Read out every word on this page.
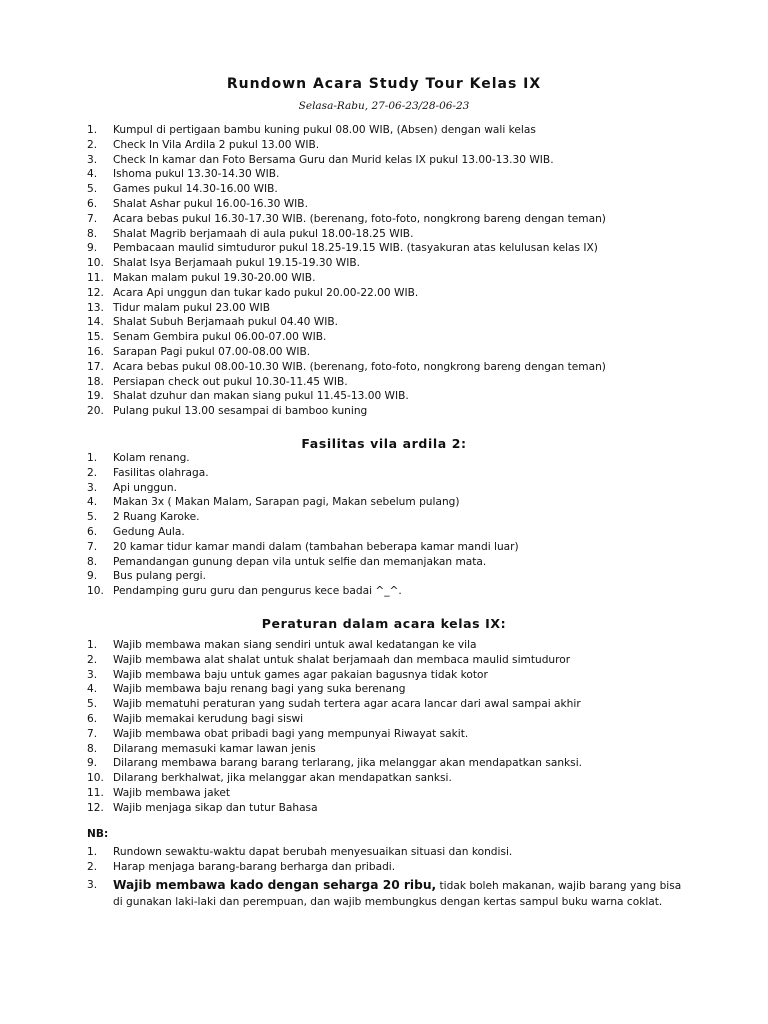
Rundown Acara Study Tour Kelas IX
Selasa-Rabu, 27-06-23/28-06-23
1. Kumpul di pertigaan bambu kuning pukul 08.00 WIB, (Absen) dengan wali kelas
2. Check In Vila Ardila 2 pukul 13.00 WIB.
3. Check In kamar dan Foto Bersama Guru dan Murid kelas IX pukul 13.00-13.30 WIB.
4. Ishoma pukul 13.30-14.30 WIB.
5. Games pukul 14.30-16.00 WIB.
6. Shalat Ashar pukul 16.00-16.30 WIB.
7. Acara bebas pukul 16.30-17.30 WIB. (berenang, foto-foto, nongkrong bareng dengan teman)
8. Shalat Magrib berjamaah di aula pukul 18.00-18.25 WIB.
9. Pembacaan maulid simtuduror pukul 18.25-19.15 WIB. (tasyakuran atas kelulusan kelas IX)
10. Shalat Isya Berjamaah pukul 19.15-19.30 WIB.
11. Makan malam pukul 19.30-20.00 WIB.
12. Acara Api unggun dan tukar kado pukul 20.00-22.00 WIB.
13. Tidur malam pukul 23.00 WIB
14. Shalat Subuh Berjamaah pukul 04.40 WIB.
15. Senam Gembira pukul 06.00-07.00 WIB.
16. Sarapan Pagi pukul 07.00-08.00 WIB.
17. Acara bebas pukul 08.00-10.30 WIB. (berenang, foto-foto, nongkrong bareng dengan teman)
18. Persiapan check out pukul 10.30-11.45 WIB.
19. Shalat dzuhur dan makan siang pukul 11.45-13.00 WIB.
20. Pulang pukul 13.00 sesampai di bamboo kuning
Fasilitas vila ardila 2:
1. Kolam renang.
2. Fasilitas olahraga.
3. Api unggun.
4. Makan 3x ( Makan Malam, Sarapan pagi, Makan sebelum pulang)
5. 2 Ruang Karoke.
6. Gedung Aula.
7. 20 kamar tidur kamar mandi dalam (tambahan beberapa kamar mandi luar)
8. Pemandangan gunung depan vila untuk selfie dan memanjakan mata.
9. Bus pulang pergi.
10. Pendamping guru guru dan pengurus kece badai ^_^.
Peraturan dalam acara kelas IX:
1. Wajib membawa makan siang sendiri untuk awal kedatangan ke vila
2. Wajib membawa alat shalat untuk shalat berjamaah dan membaca maulid simtuduror
3. Wajib membawa baju untuk games agar pakaian bagusnya tidak kotor
4. Wajib membawa baju renang bagi yang suka berenang
5. Wajib mematuhi peraturan yang sudah tertera agar acara lancar dari awal sampai akhir
6. Wajib memakai kerudung bagi siswi
7. Wajib membawa obat pribadi bagi yang mempunyai Riwayat sakit.
8. Dilarang memasuki kamar lawan jenis
9. Dilarang membawa barang barang terlarang, jika melanggar akan mendapatkan sanksi.
10. Dilarang berkhalwat, jika melanggar akan mendapatkan sanksi.
11. Wajib membawa jaket
12. Wajib menjaga sikap dan tutur Bahasa
NB:
1. Rundown sewaktu-waktu dapat berubah menyesuaikan situasi dan kondisi.
2. Harap menjaga barang-barang berharga dan pribadi.
3.	Wajib membawa kado dengan seharga 20 ribu, tidak boleh makanan, wajib barang yang bisa di gunakan laki-laki dan perempuan, dan wajib membungkus dengan kertas sampul buku warna coklat.
